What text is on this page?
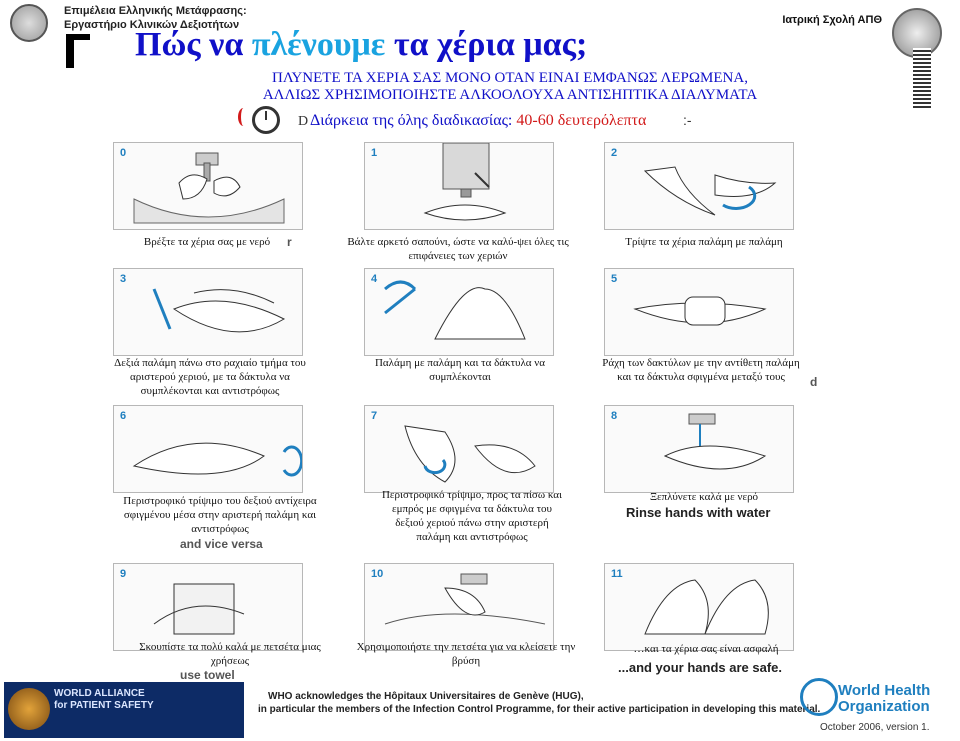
Επιμέλεια Ελληνικής Μετάφρασης:
Εργαστήριο Κλινικών Δεξιοτήτων	Ιατρική Σχολή ΑΠΘ
Πώς να πλένουμε τα χέρια μας;
ΠΛΥΝΕΤΕ ΤΑ ΧΕΡΙΑ ΣΑΣ ΜΟΝΟ ΟΤΑΝ ΕΙΝΑΙ ΕΜΦΑΝΩΣ ΛΕΡΩΜΕΝΑ,
ΑΛΛΙΩΣ ΧΡΗΣΙΜΟΠΟΙΗΣΤΕ ΑΛΚΟΟΛΟΥΧΑ ΑΝΤΙΣΗΠΤΙΚΑ ΔΙΑΛΥΜΑΤΑ
D Διάρκεια της όλης διαδικασίας: 40-60 δευτερόλεπτα	:-
0	1	2
Βρέξτε τα χέρια σας με νερό	r	Βάλτε αρκετό σαπούνι, ώστε να καλύ-ψει όλες τις επιφάνειες των χεριών
Τρίψτε τα χέρια παλάμη με παλάμη
3	4	5
Δεξιά παλάμη πάνω στο ραχιαίο τμήμα του αριστερού χεριού, με τα δάκτυλα να συμπλέκονται και αντιστρόφως
Παλάμη με παλάμη και τα δάκτυλα να συμπλέκονται
Ράχη των δακτύλων με την αντίθετη παλάμη και τα δάκτυλα σφιγμένα μεταξύ τους	d
6	7	8
Περιστροφικό τρίψιμο του δεξιού αντίχειρα σφιγμένου μέσα στην αριστερή παλάμη και αντιστρόφως
and vice versa
Περιστροφικό τρίψιμο, προς τα πίσω και εμπρός με σφιγμένα τα δάκτυλα του δεξιού χεριού πάνω στην αριστερή παλάμη και αντιστρόφως
Ξεπλύνετε καλά με νερό
Rinse hands with water
9	10	11
Σκουπίστε τα πολύ καλά με πετσέτα μιας χρήσεως
use towel
Χρησιμοποιήστε την πετσέτα για να κλείσετε την βρύση
…και τα χέρια σας είναι ασφαλή
...and your hands are safe.
WORLD ALLIANCE
for PATIENT SAFETY
WHO acknowledges the Hôpitaux Universitaires de Genève (HUG),
in particular the members of the Infection Control Programme, for their active participation in developing this material.
World Health
Organization
October 2006, version 1.
